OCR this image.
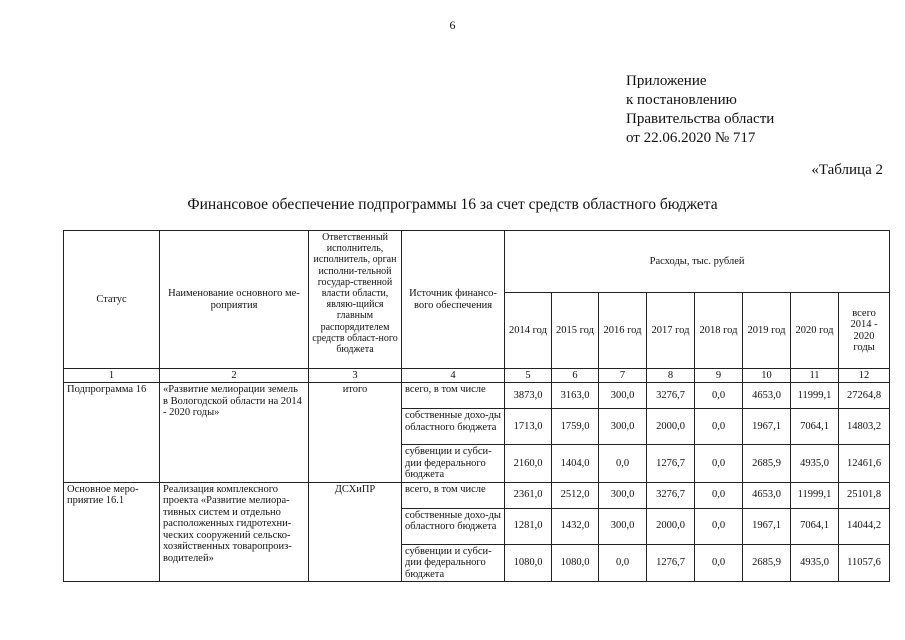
6
Приложение
к постановлению
Правительства области
от 22.06.2020 № 717
«Таблица 2
Финансовое обеспечение подпрограммы 16 за счет средств областного бюджета
Статус	Наименование основного ме-роприятия	Ответственный исполнитель, исполнитель, орган исполни-тельной государ-ственной власти области, являю-щийся главным распорядителем средств област-ного бюджета	Источник финансо-вого обеспечения	Расходы, тыс. рублей							
				2014 год	2015 год	2016 год	2017 год	2018 год	2019 год	2020 год	всего 2014 - 2020 годы
1	2	3	4	5	6	7	8	9	10	11	12
Подпрограмма 16	«Развитие мелиорации земель в Вологодской области на 2014 - 2020 годы»	итого	всего, в том числе	3873,0	3163,0	300,0	3276,7	0,0	4653,0	11999,1	27264,8
			собственные дохо-ды областного бюджета	1713,0	1759,0	300,0	2000,0	0,0	1967,1	7064,1	14803,2
			субвенции и субси-дии федерального бюджета	2160,0	1404,0	0,0	1276,7	0,0	2685,9	4935,0	12461,6
Основное меро-приятие 16.1	Реализация комплексного проекта «Развитие мелиора-тивных систем и отдельно расположенных гидротехни-ческих сооружений сельско-хозяйственных товаропроиз-водителей»	ДСХиПР	всего, в том числе	2361,0	2512,0	300,0	3276,7	0,0	4653,0	11999,1	25101,8
			собственные дохо-ды областного бюджета	1281,0	1432,0	300,0	2000,0	0,0	1967,1	7064,1	14044,2
			субвенции и субси-дии федерального бюджета	1080,0	1080,0	0,0	1276,7	0,0	2685,9	4935,0	11057,6
